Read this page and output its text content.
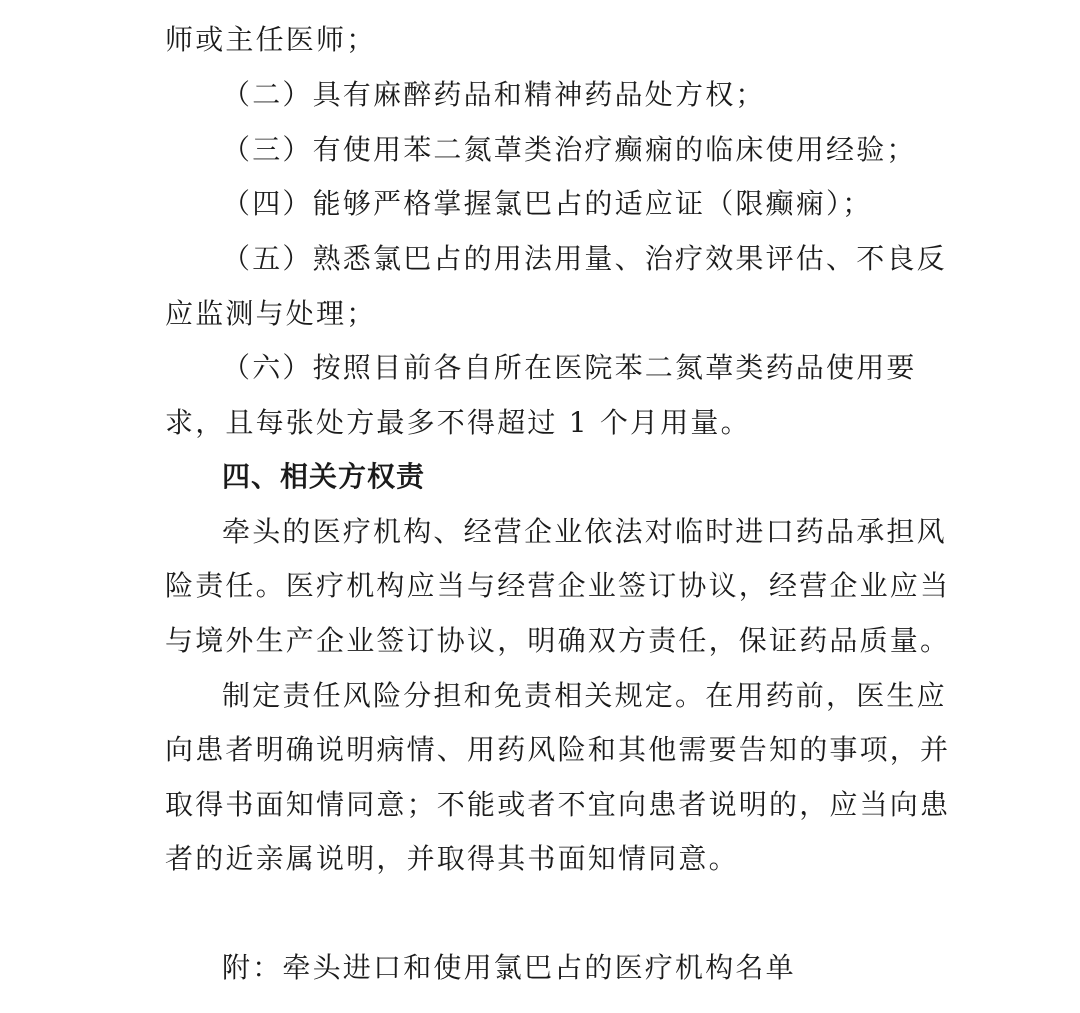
师或主任医师；
（二）具有麻醉药品和精神药品处方权；
（三）有使用苯二氮䓬类治疗癫痫的临床使用经验；
（四）能够严格掌握氯巴占的适应证（限癫痫）；
（五）熟悉氯巴占的用法用量、治疗效果评估、不良反
应监测与处理；
（六）按照目前各自所在医院苯二氮䓬类药品使用要
求，且每张处方最多不得超过 1 个月用量。
四、相关方权责
牵头的医疗机构、经营企业依法对临时进口药品承担风
险责任。医疗机构应当与经营企业签订协议，经营企业应当
与境外生产企业签订协议，明确双方责任，保证药品质量。
制定责任风险分担和免责相关规定。在用药前，医生应
向患者明确说明病情、用药风险和其他需要告知的事项，并
取得书面知情同意；不能或者不宜向患者说明的，应当向患
者的近亲属说明，并取得其书面知情同意。
附：牵头进口和使用氯巴占的医疗机构名单
